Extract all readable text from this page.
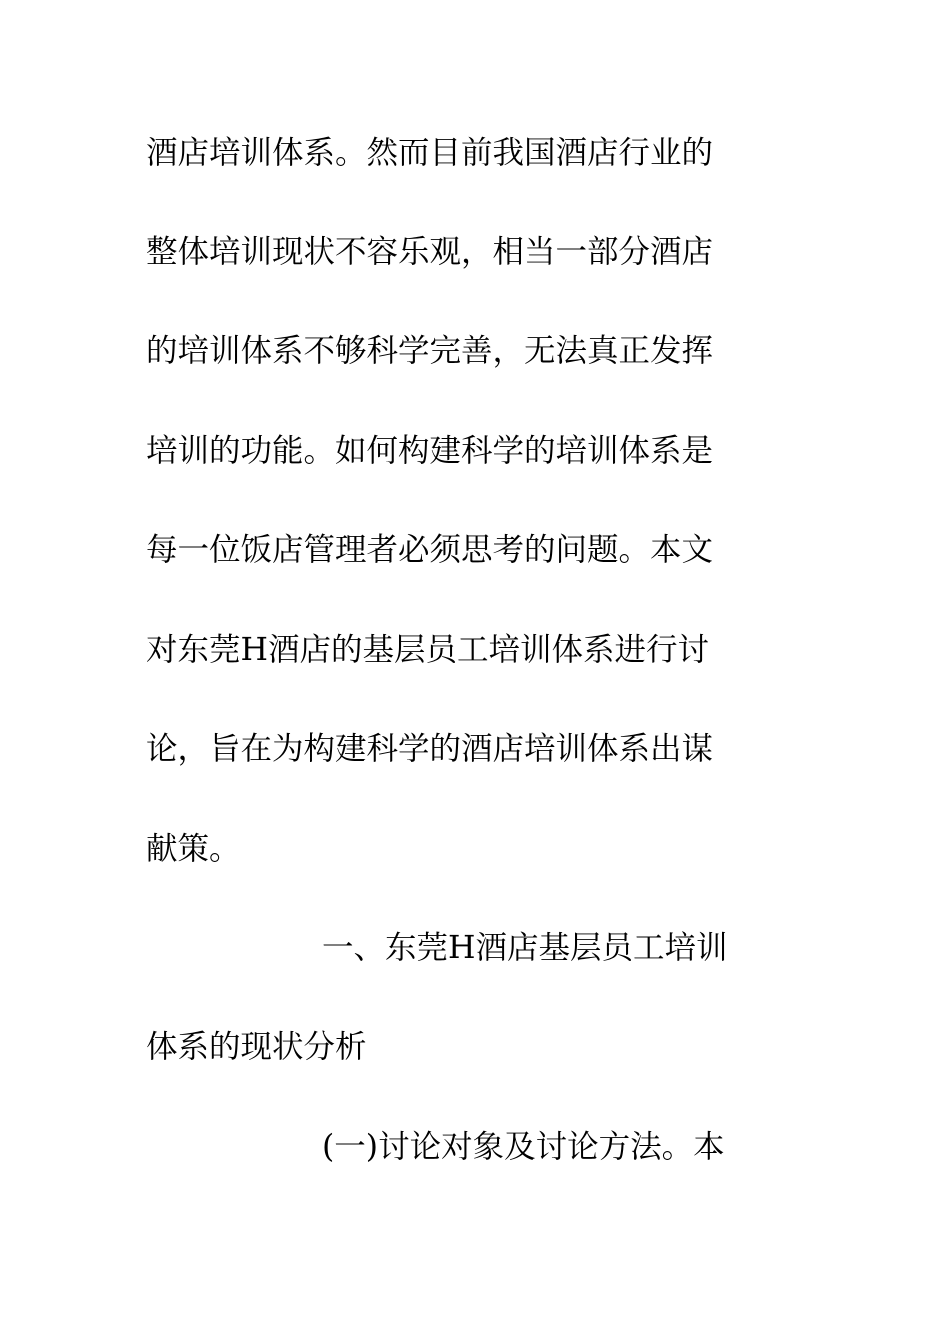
酒店培训体系。然而目前我国酒店行业的
整体培训现状不容乐观，相当一部分酒店
的培训体系不够科学完善，无法真正发挥
培训的功能。如何构建科学的培训体系是
每一位饭店管理者必须思考的问题。本文
对东莞H酒店的基层员工培训体系进行讨
论，旨在为构建科学的酒店培训体系出谋
献策。
一、东莞H酒店基层员工培训
体系的现状分析
(一)讨论对象及讨论方法。本
